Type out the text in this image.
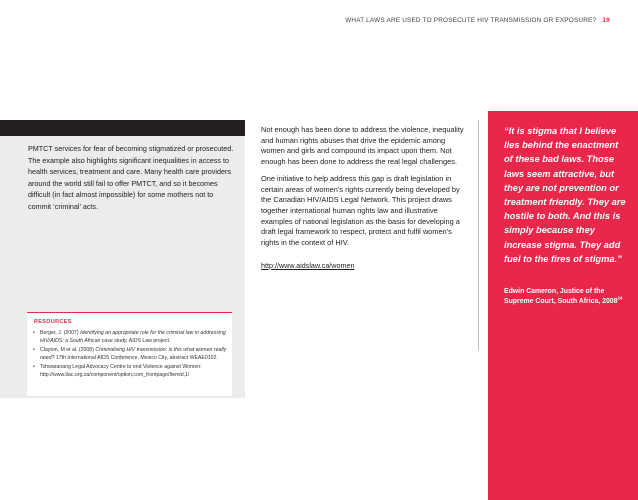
WHAT LAWS ARE USED TO PROSECUTE HIV TRANSMISSION OR EXPOSURE? 19

PMTCT services for fear of becoming stigmatized or prosecuted. The example also highlights significant inequalities in access to health services, treatment and care. Many health care providers around the world still fail to offer PMTCT, and so it becomes difficult (in fact almost impossible) for some mothers not to commit ‘criminal’ acts.

RESOURCES
• Berger, J. (2007) Identifying an appropriate role for the criminal law in addressing HIV/AIDS: a South African case study, AIDS Law project.
• Clayton, M et al. (2008) Criminalising HIV transmission: is this what women really need? 17th International AIDS Conference, Mexico City, abstract WEAE0102.
• Tshwaranang Legal Advocacy Centre to end Violence against Women: http://www.tlac.org.za/component/option,com_frontpage/Itemid,1/

Not enough has been done to address the violence, inequality and human rights abuses that drive the epidemic among women and girls and compound its impact upon them. Not enough has been done to address the real legal challenges.

One initiative to help address this gap is draft legislation in certain areas of women’s rights currently being developed by the Canadian HIV/AIDS Legal Network. This project draws together international human rights law and illustrative examples of national legislation as the basis for developing a draft legal framework to respect, protect and fulfil women’s rights in the context of HIV.

http://www.aidslaw.ca/women
“It is stigma that I believe lies behind the enactment of these bad laws. Those laws seem attractive, but they are not prevention or treatment friendly. They are hostile to both. And this is simply because they increase stigma. They add fuel to the fires of stigma.”
Edwin Cameron, Justice of the Supreme Court, South Africa, 2008$^{24}$
